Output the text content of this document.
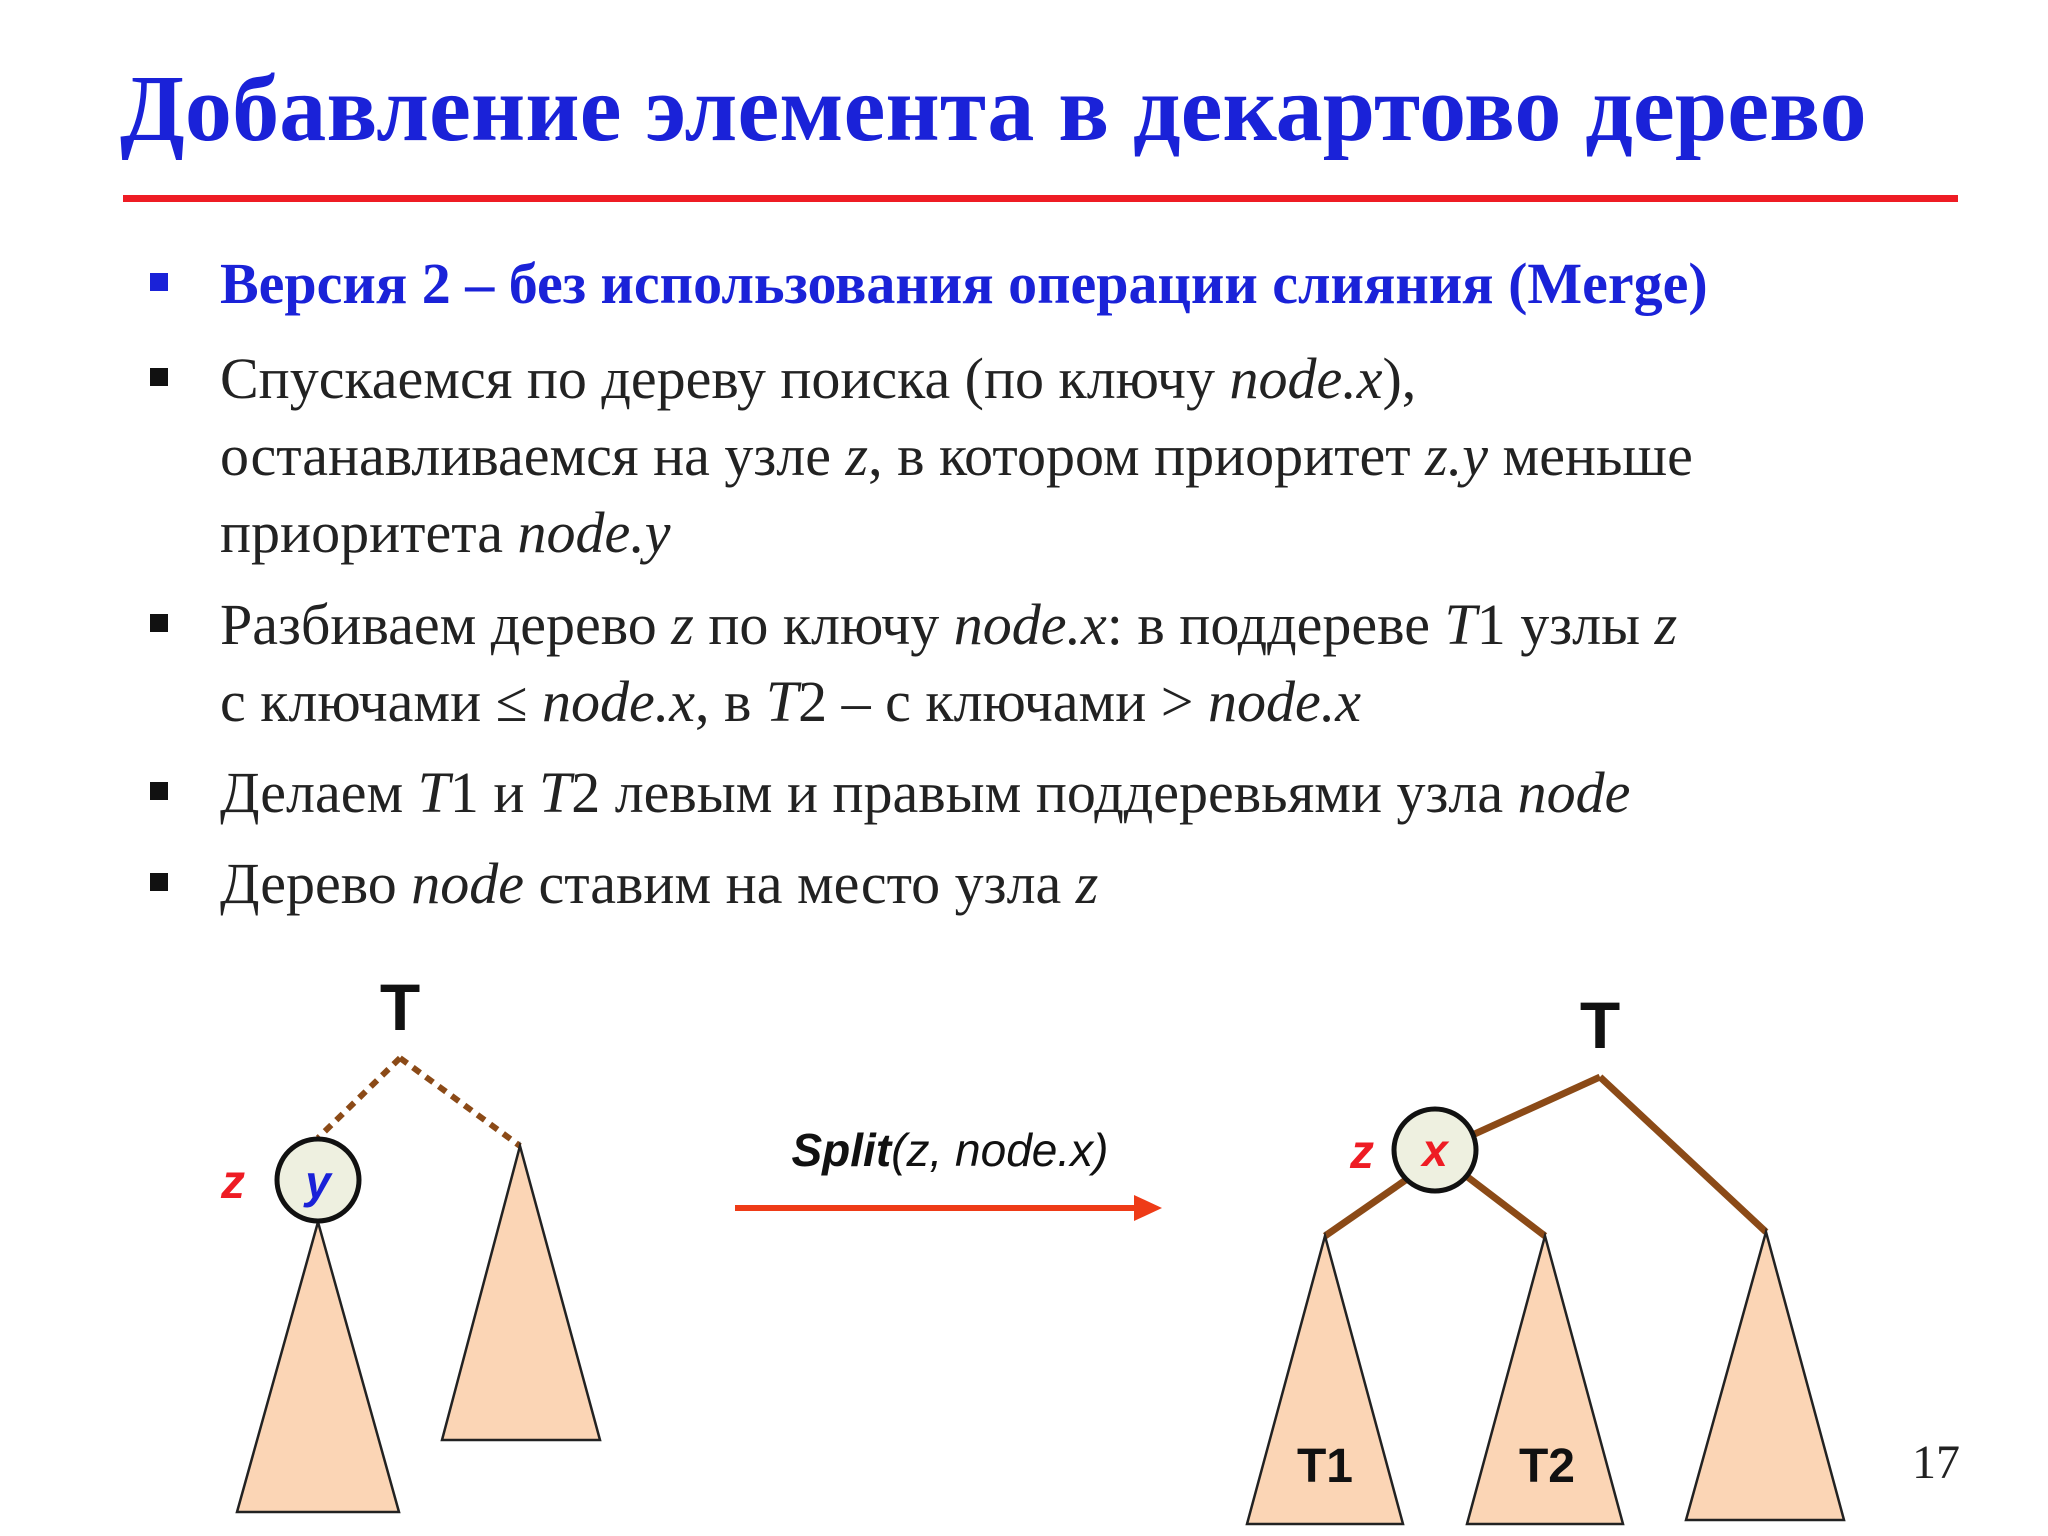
Добавление элемента в декартово дерево
Версия 2 – без использования операции слияния (Merge)
Спускаемся по дереву поиска (по ключу node.x),
останавливаемся на узле z, в котором приоритет z.y меньше
приоритета node.y
Разбиваем дерево z по ключу node.x: в поддереве T1 узлы z
с ключами ≤ node.x, в T2 – с ключами > node.x
Делаем T1 и T2 левым и правым поддеревьями узла node
Дерево node ставим на место узла z
y
z
T
Split(z, node.x)
T1	T2
x
z
T
17
